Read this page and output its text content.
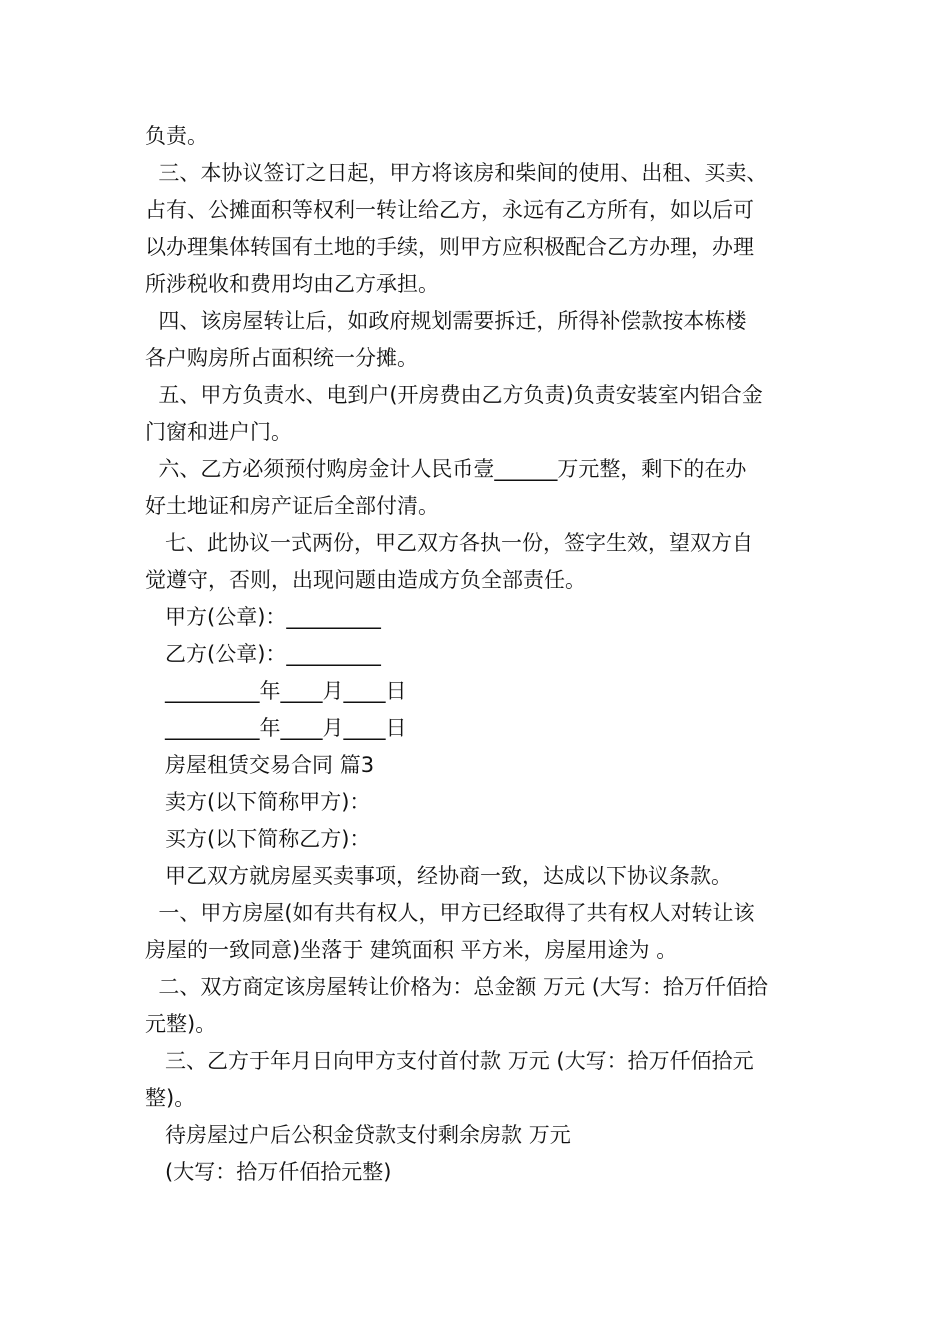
负责。
三、本协议签订之日起，甲方将该房和柴间的使用、出租、买卖、
占有、公摊面积等权利一转让给乙方，永远有乙方所有，如以后可
以办理集体转国有土地的手续，则甲方应积极配合乙方办理，办理
所涉税收和费用均由乙方承担。
四、该房屋转让后，如政府规划需要拆迁，所得补偿款按本栋楼
各户购房所占面积统一分摊。
五、甲方负责水、电到户(开房费由乙方负责)负责安装室内铝合金
门窗和进户门。
六、乙方必须预付购房金计人民币壹______万元整，剩下的在办
好土地证和房产证后全部付清。
七、此协议一式两份，甲乙双方各执一份，签字生效，望双方自
觉遵守，否则，出现问题由造成方负全部责任。
甲方(公章)：_________
乙方(公章)：_________
_________年____月____日
_________年____月____日
房屋租赁交易合同 篇3
卖方(以下简称甲方)：
买方(以下简称乙方)：
甲乙双方就房屋买卖事项，经协商一致，达成以下协议条款。
一、甲方房屋(如有共有权人，甲方已经取得了共有权人对转让该
房屋的一致同意)坐落于 建筑面积 平方米，房屋用途为 。
二、双方商定该房屋转让价格为：总金额 万元 (大写：拾万仟佰拾
元整)。
三、乙方于年月日向甲方支付首付款 万元 (大写：拾万仟佰拾元
整)。
待房屋过户后公积金贷款支付剩余房款 万元
(大写：拾万仟佰拾元整)
